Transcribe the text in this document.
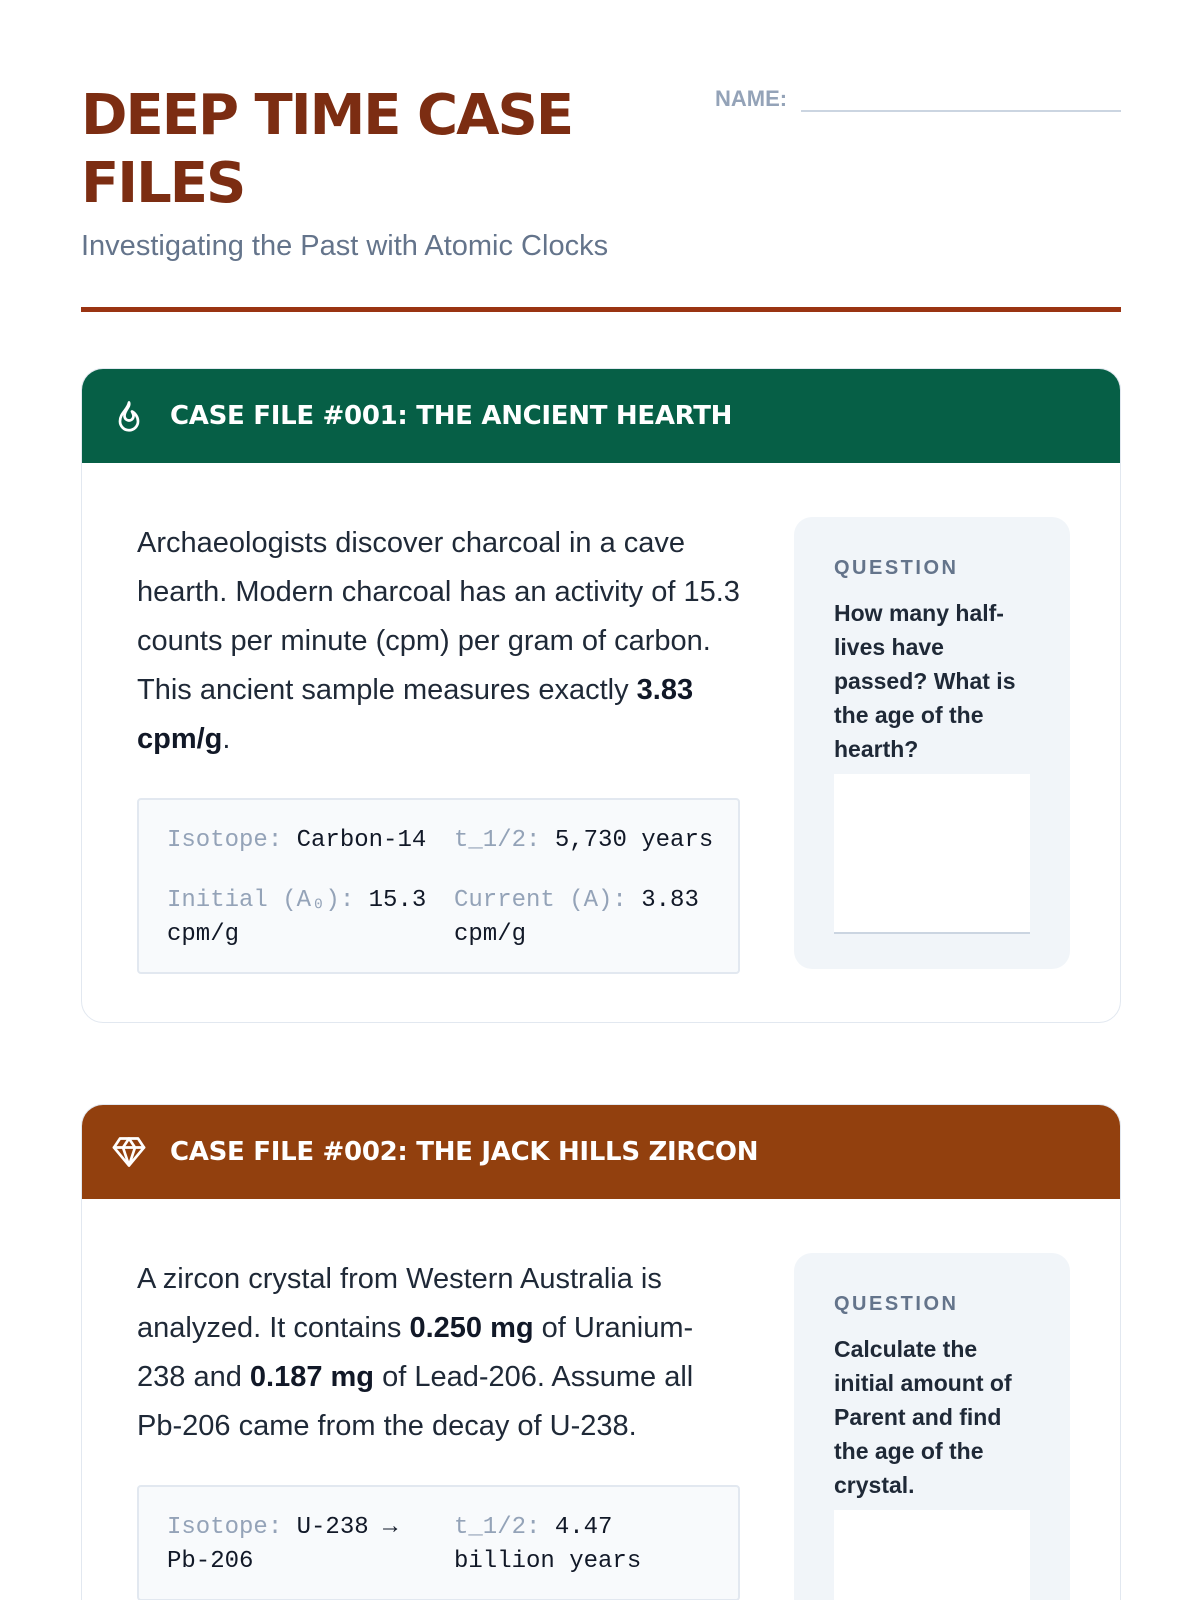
DEEP TIME CASE FILES
Investigating the Past with Atomic Clocks
NAME:
CASE FILE #001: THE ANCIENT HEARTH

Archaeologists discover charcoal in a cave hearth. Modern charcoal has an activity of 15.3 counts per minute (cpm) per gram of carbon. This ancient sample measures exactly 3.83 cpm/g.

Isotope: Carbon-14	t_1/2: 5,730 years
Initial (A₀): 15.3 cpm/g
Current (A): 3.83 cpm/g
QUESTION
How many half-lives have passed? What is the age of the hearth?
CASE FILE #002: THE JACK HILLS ZIRCON

A zircon crystal from Western Australia is analyzed. It contains 0.250 mg of Uranium-238 and 0.187 mg of Lead-206. Assume all Pb-206 came from the decay of U-238.

Isotope: U-238 → Pb-206
t_1/2: 4.47 billion years
QUESTION
Calculate the initial amount of Parent and find the age of the crystal.
